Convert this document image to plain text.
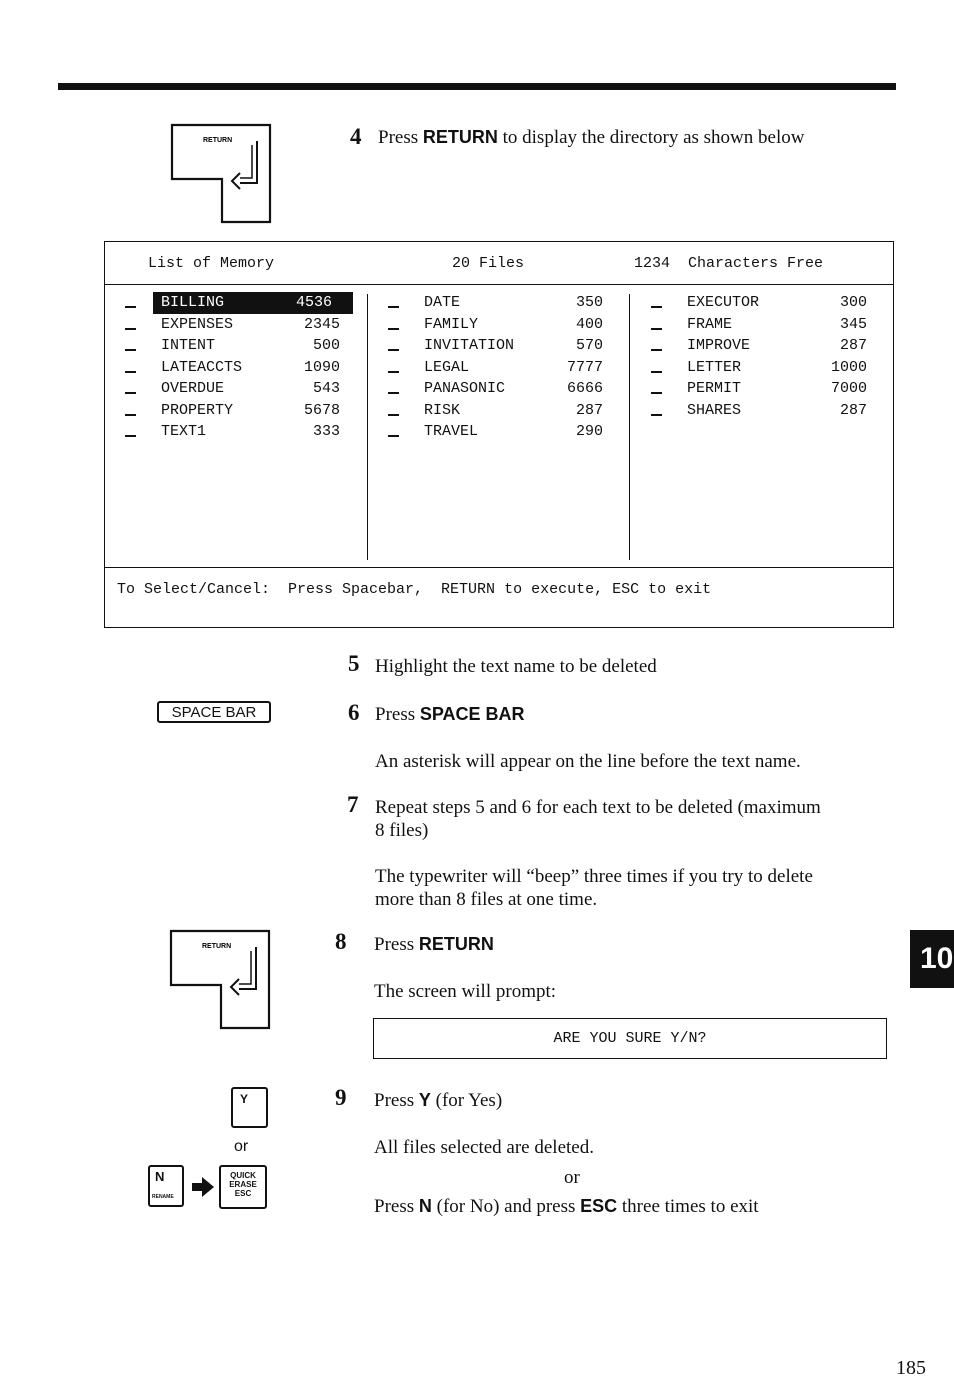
RETURN	4 Press RETURN to display the directory as shown below
List of Memory	20 Files	1234  Characters Free
BILLING	4536
EXPENSES	2345
INTENT	500
LATEACCTS	1090
OVERDUE	543
PROPERTY	5678
TEXT1	333
DATE	350
FAMILY	400
INVITATION	570
LEGAL	7777
PANASONIC	6666
RISK	287
TRAVEL	290
EXECUTOR	300
FRAME	345
IMPROVE	287
LETTER	1000
PERMIT	7000
SHARES	287
To Select/Cancel:  Press Spacebar,  RETURN to execute, ESC to exit
5 Highlight the text name to be deleted
SPACE BAR	6 Press SPACE BAR
An asterisk will appear on the line before the text name.
7 Repeat steps 5 and 6 for each text to be deleted (maximum
8 files)
The typewriter will “beep” three times if you try to delete
more than 8 files at one time.
RETURN	8 Press RETURN
The screen will prompt:
ARE YOU SURE Y/N?
Y
or
N
RENAME
QUICK
ERASE
ESC
9 Press Y (for Yes)
All files selected are deleted.
or
Press N (for No) and press ESC three times to exit
10
185
